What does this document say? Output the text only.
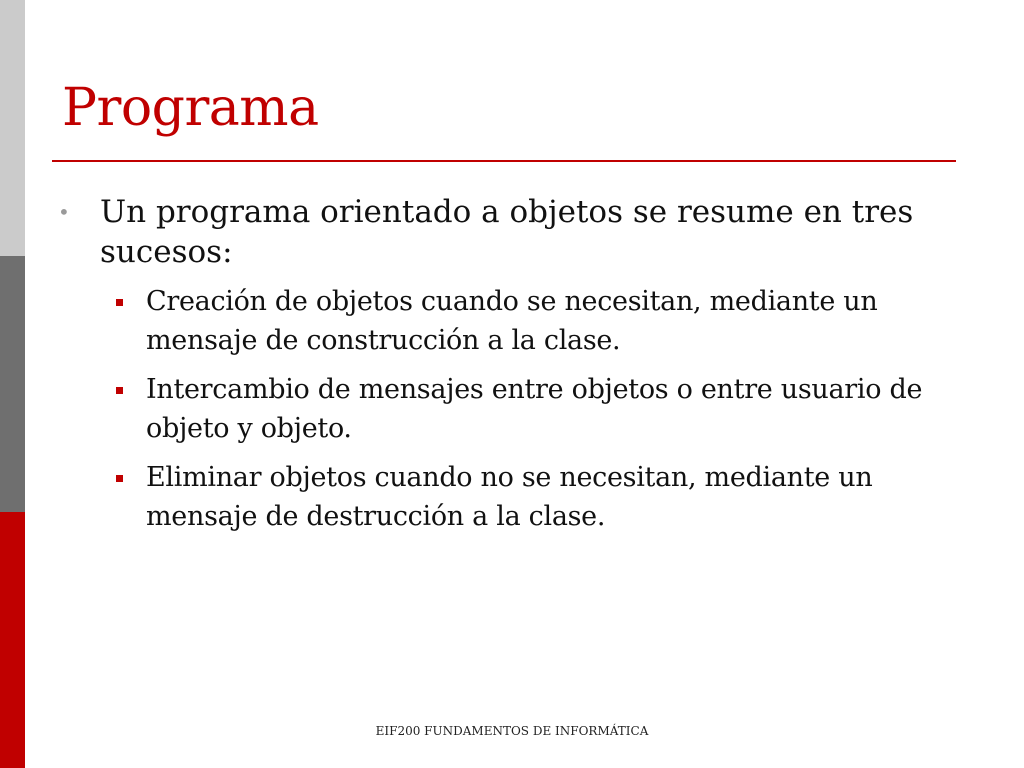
Programa
• Un programa orientado a objetos se resume en tres sucesos:
Creación de objetos cuando se necesitan, mediante un mensaje de construcción a la clase.
Intercambio de mensajes entre objetos o entre usuario de objeto y objeto.
Eliminar objetos cuando no se necesitan, mediante un mensaje de destrucción a la clase.
EIF200 FUNDAMENTOS DE INFORMÁTICA
